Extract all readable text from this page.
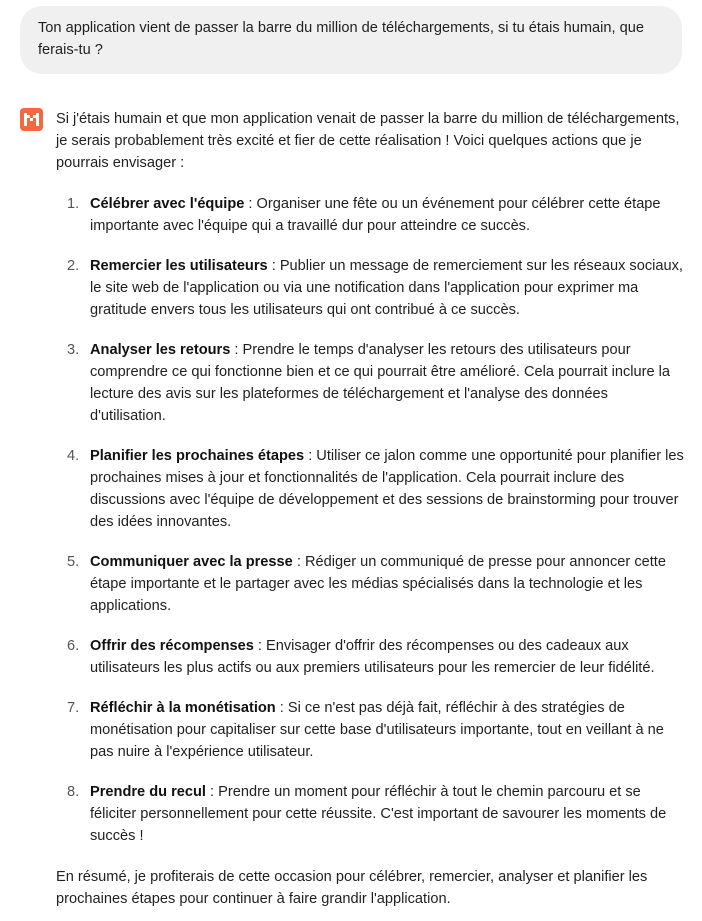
Ton application vient de passer la barre du million de téléchargements, si tu étais humain, que ferais-tu ?

Si j'étais humain et que mon application venait de passer la barre du million de téléchargements, je serais probablement très excité et fier de cette réalisation ! Voici quelques actions que je pourrais envisager :

1. Célébrer avec l'équipe : Organiser une fête ou un événement pour célébrer cette étape importante avec l'équipe qui a travaillé dur pour atteindre ce succès.
2. Remercier les utilisateurs : Publier un message de remerciement sur les réseaux sociaux, le site web de l'application ou via une notification dans l'application pour exprimer ma gratitude envers tous les utilisateurs qui ont contribué à ce succès.
3. Analyser les retours : Prendre le temps d'analyser les retours des utilisateurs pour comprendre ce qui fonctionne bien et ce qui pourrait être amélioré. Cela pourrait inclure la lecture des avis sur les plateformes de téléchargement et l'analyse des données d'utilisation.
4. Planifier les prochaines étapes : Utiliser ce jalon comme une opportunité pour planifier les prochaines mises à jour et fonctionnalités de l'application. Cela pourrait inclure des discussions avec l'équipe de développement et des sessions de brainstorming pour trouver des idées innovantes.
5. Communiquer avec la presse : Rédiger un communiqué de presse pour annoncer cette étape importante et le partager avec les médias spécialisés dans la technologie et les applications.
6. Offrir des récompenses : Envisager d'offrir des récompenses ou des cadeaux aux utilisateurs les plus actifs ou aux premiers utilisateurs pour les remercier de leur fidélité.
7. Réfléchir à la monétisation : Si ce n'est pas déjà fait, réfléchir à des stratégies de monétisation pour capitaliser sur cette base d'utilisateurs importante, tout en veillant à ne pas nuire à l'expérience utilisateur.
8. Prendre du recul : Prendre un moment pour réfléchir à tout le chemin parcouru et se féliciter personnellement pour cette réussite. C'est important de savourer les moments de succès !

En résumé, je profiterais de cette occasion pour célébrer, remercier, analyser et planifier les prochaines étapes pour continuer à faire grandir l'application.
